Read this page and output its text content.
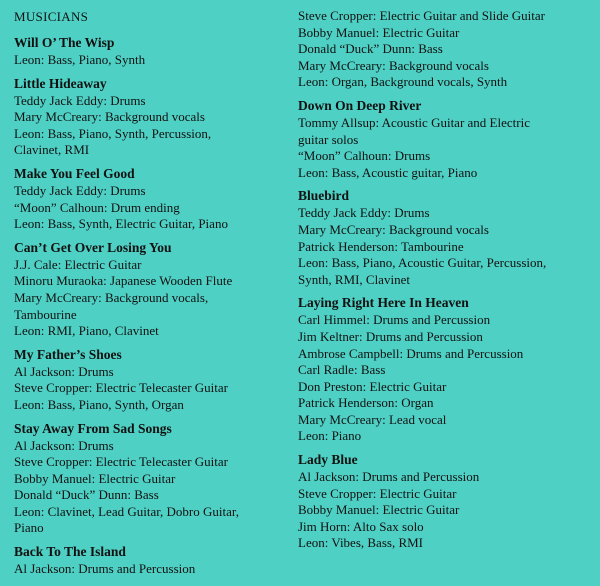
MUSICIANS
Will O’ The Wisp
Leon: Bass, Piano, Synth
Little Hideaway
Teddy Jack Eddy: Drums
Mary McCreary: Background vocals
Leon: Bass, Piano, Synth, Percussion,
Clavinet, RMI
Make You Feel Good
Teddy Jack Eddy: Drums
“Moon” Calhoun: Drum ending
Leon: Bass, Synth, Electric Guitar, Piano
Can’t Get Over Losing You
J.J. Cale: Electric Guitar
Minoru Muraoka: Japanese Wooden Flute
Mary McCreary: Background vocals,
Tambourine
Leon: RMI, Piano, Clavinet
My Father’s Shoes
Al Jackson: Drums
Steve Cropper: Electric Telecaster Guitar
Leon: Bass, Piano, Synth, Organ
Stay Away From Sad Songs
Al Jackson: Drums
Steve Cropper: Electric Telecaster Guitar
Bobby Manuel: Electric Guitar
Donald “Duck” Dunn: Bass
Leon: Clavinet, Lead Guitar, Dobro Guitar,
Piano
Back To The Island
Al Jackson: Drums and Percussion
Steve Cropper: Electric Guitar and Slide Guitar
Bobby Manuel: Electric Guitar
Donald “Duck” Dunn: Bass
Mary McCreary: Background vocals
Leon: Organ, Background vocals, Synth
Down On Deep River
Tommy Allsup: Acoustic Guitar and Electric
guitar solos
“Moon” Calhoun: Drums
Leon: Bass, Acoustic guitar, Piano
Bluebird
Teddy Jack Eddy: Drums
Mary McCreary: Background vocals
Patrick Henderson: Tambourine
Leon: Bass, Piano, Acoustic Guitar, Percussion,
Synth, RMI, Clavinet
Laying Right Here In Heaven
Carl Himmel: Drums and Percussion
Jim Keltner: Drums and Percussion
Ambrose Campbell: Drums and Percussion
Carl Radle: Bass
Don Preston: Electric Guitar
Patrick Henderson: Organ
Mary McCreary: Lead vocal
Leon: Piano
Lady Blue
Al Jackson: Drums and Percussion
Steve Cropper: Electric Guitar
Bobby Manuel: Electric Guitar
Jim Horn: Alto Sax solo
Leon: Vibes, Bass, RMI
